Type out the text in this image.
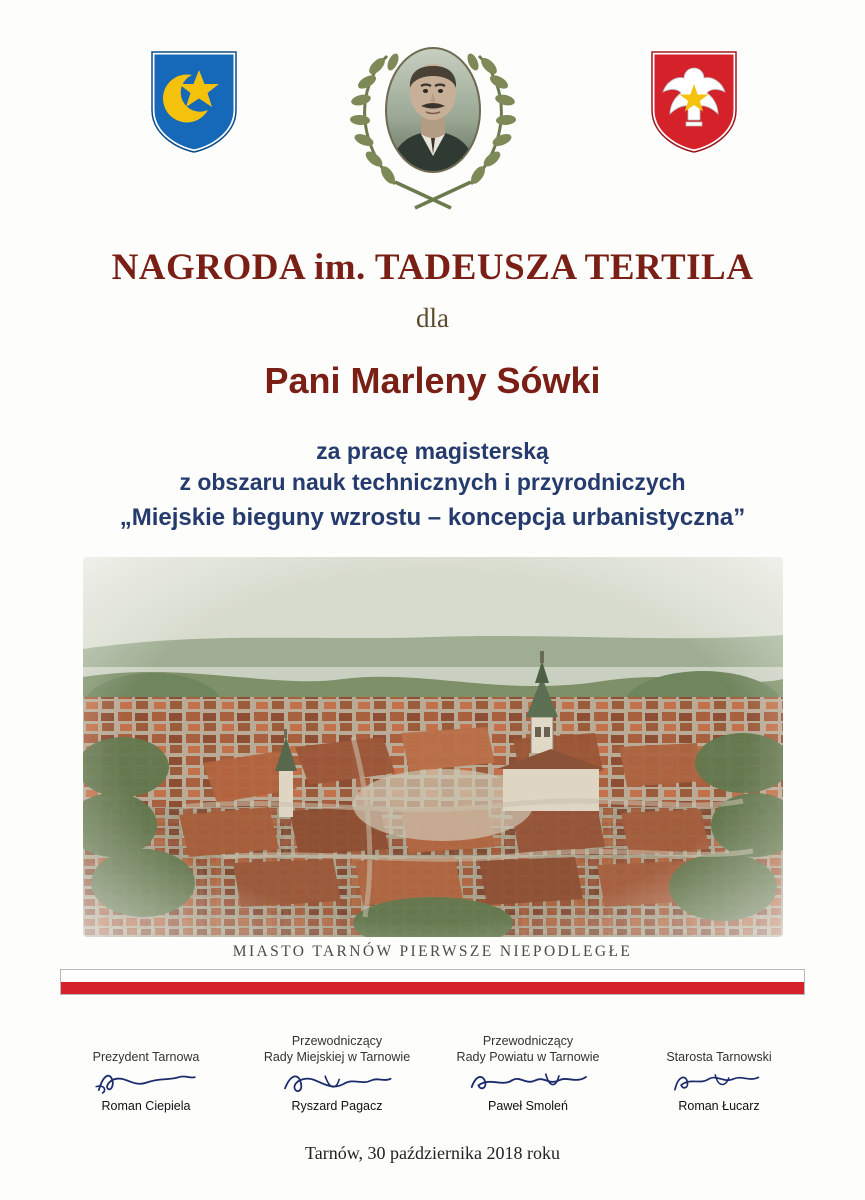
NAGRODA im. TADEUSZA TERTILA
dla
Pani Marleny Sówki
za pracę magisterską
z obszaru nauk technicznych i przyrodniczych
„Miejskie bieguny wzrostu – koncepcja urbanistyczna”
MIASTO TARNÓW PIERWSZE NIEPODLEGŁE
Prezydent Tarnowa
Roman Ciepiela
Przewodniczący
Rady Miejskiej w Tarnowie
Ryszard Pagacz
Przewodniczący
Rady Powiatu w Tarnowie
Paweł Smoleń
Starosta Tarnowski
Roman Łucarz
Tarnów, 30 października 2018 roku
